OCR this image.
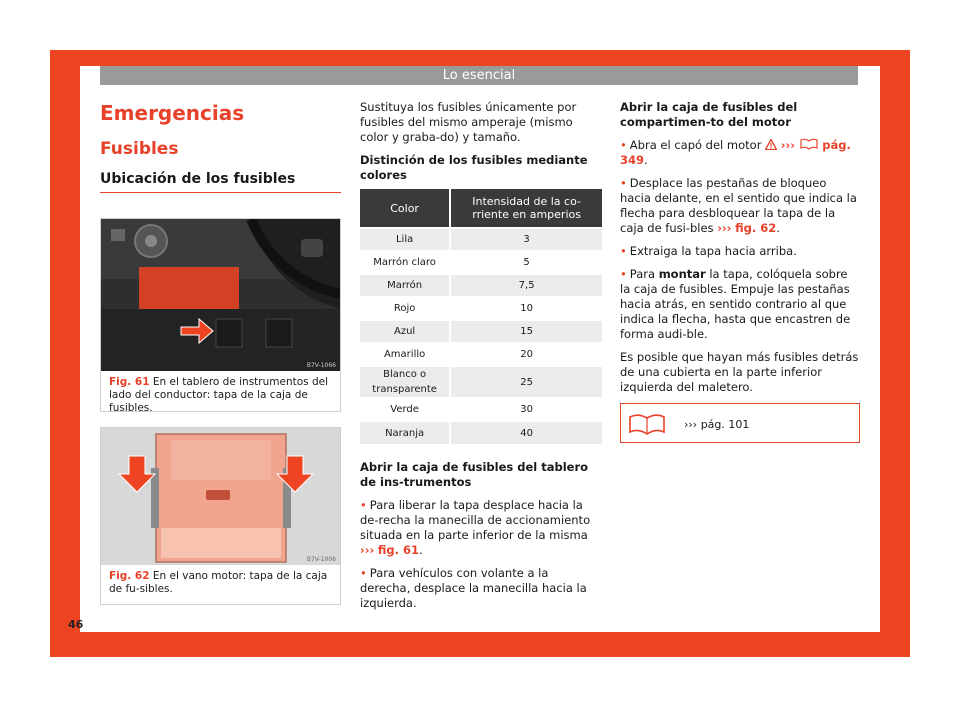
Lo esencial
Emergencias
Fusibles
Ubicación de los fusibles
B7V-1066
Fig. 61 En el tablero de instrumentos del lado del conductor: tapa de la caja de fusibles.
B7V-1006
Fig. 62 En el vano motor: tapa de la caja de fu-sibles.

Sustituya los fusibles únicamente por fusibles del mismo amperaje (mismo color y graba-do) y tamaño.

Distinción de los fusibles mediante colores
Color	Intensidad de la co-rriente en amperios
Lila	3
Marrón claro	5
Marrón	7,5
Rojo	10
Azul	15
Amarillo	20
Blanco o transparente	25
Verde	30
Naranja	40

Abrir la caja de fusibles del tablero de ins-trumentos

• Para liberar la tapa desplace hacia la de-recha la manecilla de accionamiento situada en la parte inferior de la misma ››› fig. 61.

• Para vehículos con volante a la derecha, desplace la manecilla hacia la izquierda.

Abrir la caja de fusibles del compartimen-to del motor

• Abra el capó del motor ››› pág. 349.

• Desplace las pestañas de bloqueo hacia delante, en el sentido que indica la flecha para desbloquear la tapa de la caja de fusi-bles ››› fig. 62.

• Extraiga la tapa hacia arriba.

• Para montar la tapa, colóquela sobre la caja de fusibles. Empuje las pestañas hacia atrás, en sentido contrario al que indica la flecha, hasta que encastren de forma audi-ble.

Es posible que hayan más fusibles detrás de una cubierta en la parte inferior izquierda del maletero.

››› pág. 101
46
